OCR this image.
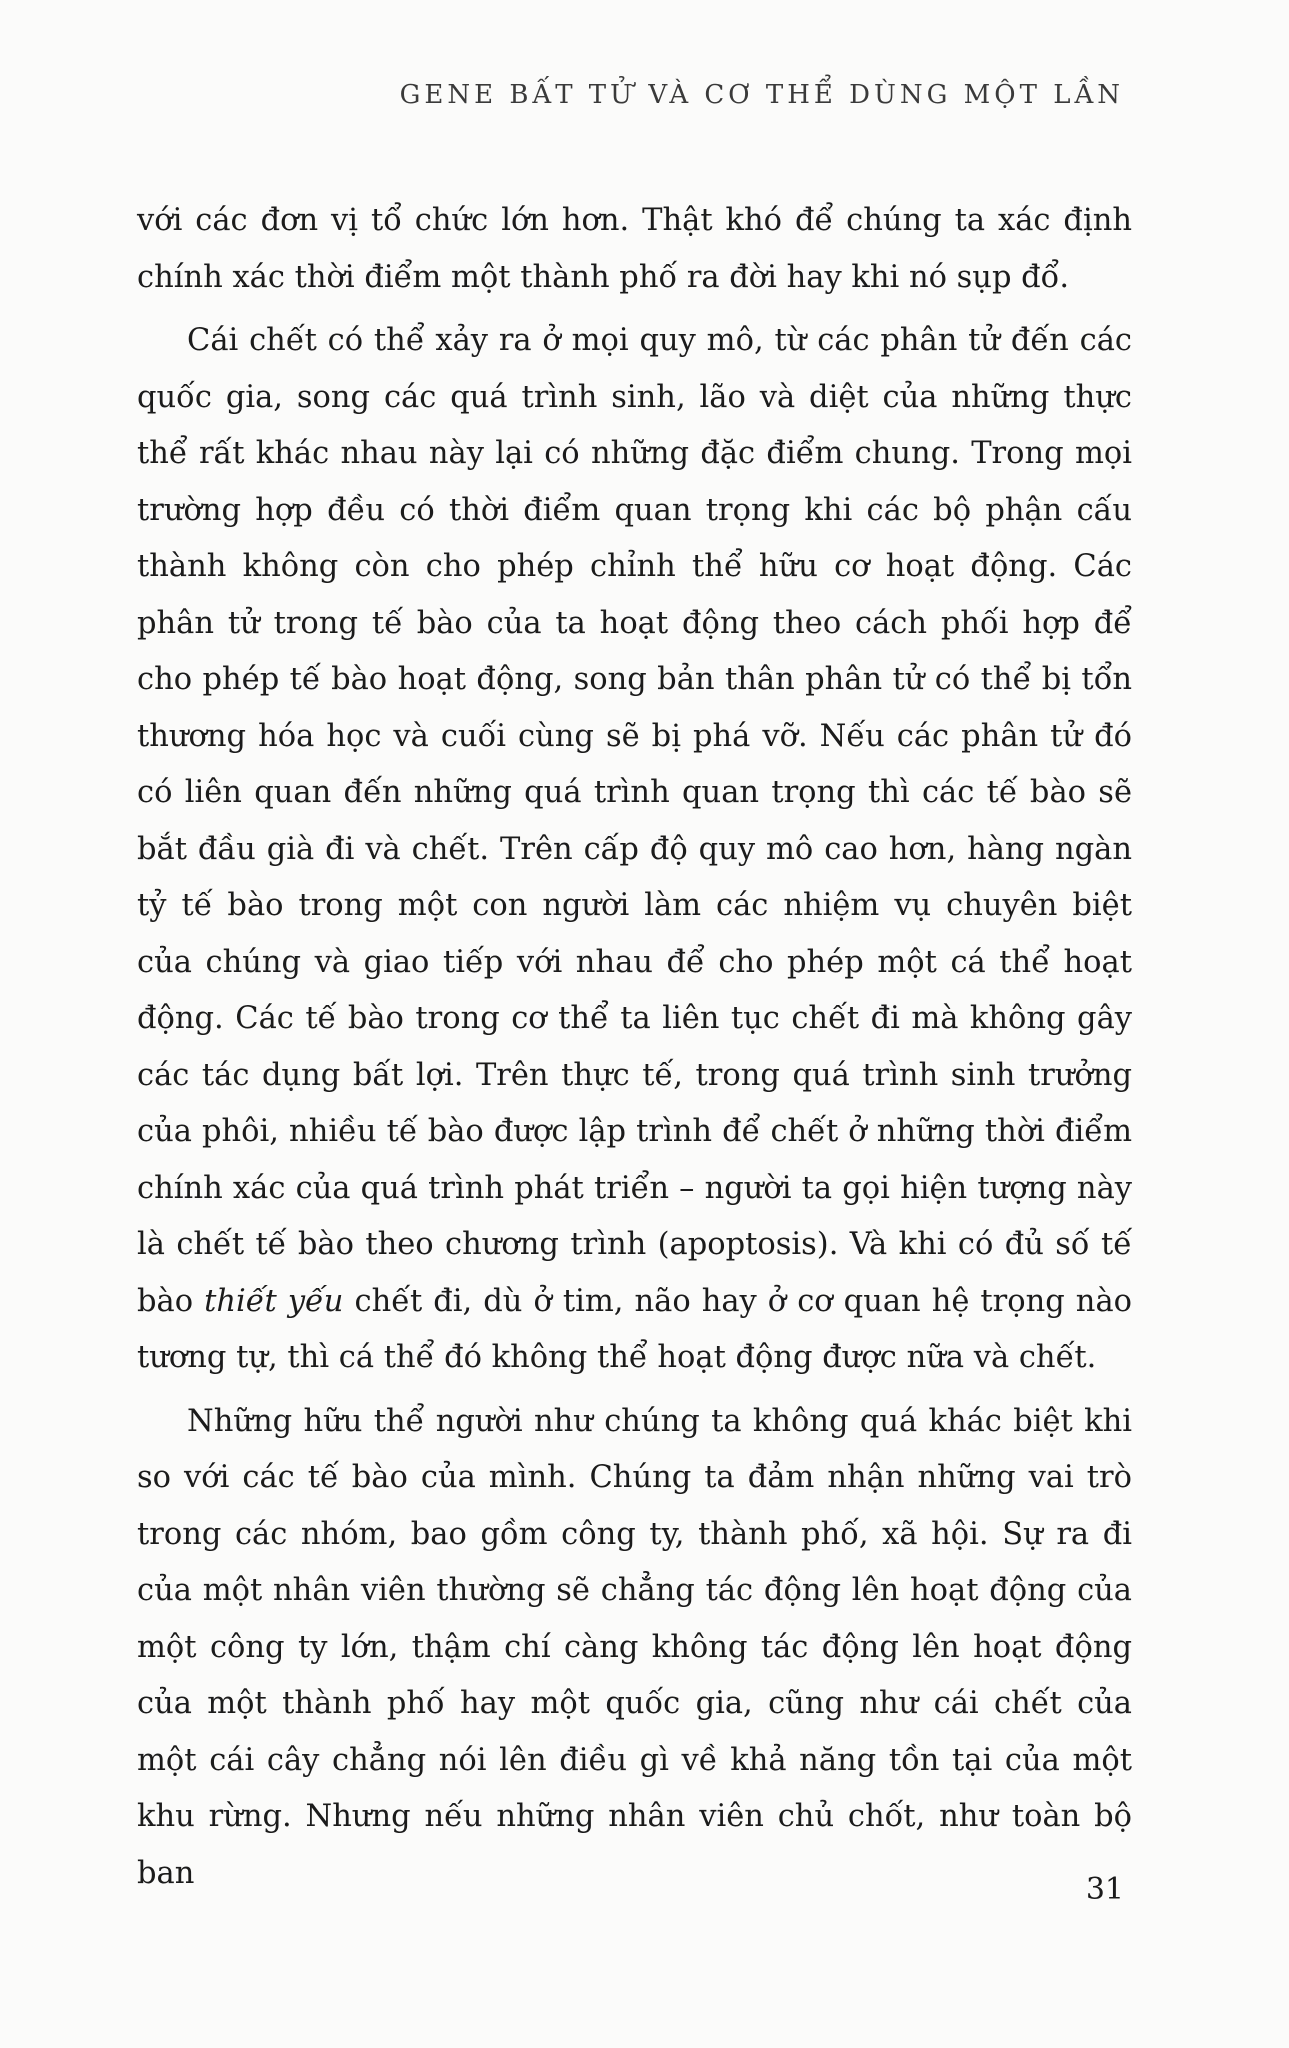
GENE BẤT TỬ VÀ CƠ THỂ DÙNG MỘT LẦN

với các đơn vị tổ chức lớn hơn. Thật khó để chúng ta xác định chính xác thời điểm một thành phố ra đời hay khi nó sụp đổ.

Cái chết có thể xảy ra ở mọi quy mô, từ các phân tử đến các quốc gia, song các quá trình sinh, lão và diệt của những thực thể rất khác nhau này lại có những đặc điểm chung. Trong mọi trường hợp đều có thời điểm quan trọng khi các bộ phận cấu thành không còn cho phép chỉnh thể hữu cơ hoạt động. Các phân tử trong tế bào của ta hoạt động theo cách phối hợp để cho phép tế bào hoạt động, song bản thân phân tử có thể bị tổn thương hóa học và cuối cùng sẽ bị phá vỡ. Nếu các phân tử đó có liên quan đến những quá trình quan trọng thì các tế bào sẽ bắt đầu già đi và chết. Trên cấp độ quy mô cao hơn, hàng ngàn tỷ tế bào trong một con người làm các nhiệm vụ chuyên biệt của chúng và giao tiếp với nhau để cho phép một cá thể hoạt động. Các tế bào trong cơ thể ta liên tục chết đi mà không gây các tác dụng bất lợi. Trên thực tế, trong quá trình sinh trưởng của phôi, nhiều tế bào được lập trình để chết ở những thời điểm chính xác của quá trình phát triển – người ta gọi hiện tượng này là chết tế bào theo chương trình (apoptosis). Và khi có đủ số tế bào thiết yếu chết đi, dù ở tim, não hay ở cơ quan hệ trọng nào tương tự, thì cá thể đó không thể hoạt động được nữa và chết.

Những hữu thể người như chúng ta không quá khác biệt khi so với các tế bào của mình. Chúng ta đảm nhận những vai trò trong các nhóm, bao gồm công ty, thành phố, xã hội. Sự ra đi của một nhân viên thường sẽ chẳng tác động lên hoạt động của một công ty lớn, thậm chí càng không tác động lên hoạt động của một thành phố hay một quốc gia, cũng như cái chết của một cái cây chẳng nói lên điều gì về khả năng tồn tại của một khu rừng. Nhưng nếu những nhân viên chủ chốt, như toàn bộ ban	31
